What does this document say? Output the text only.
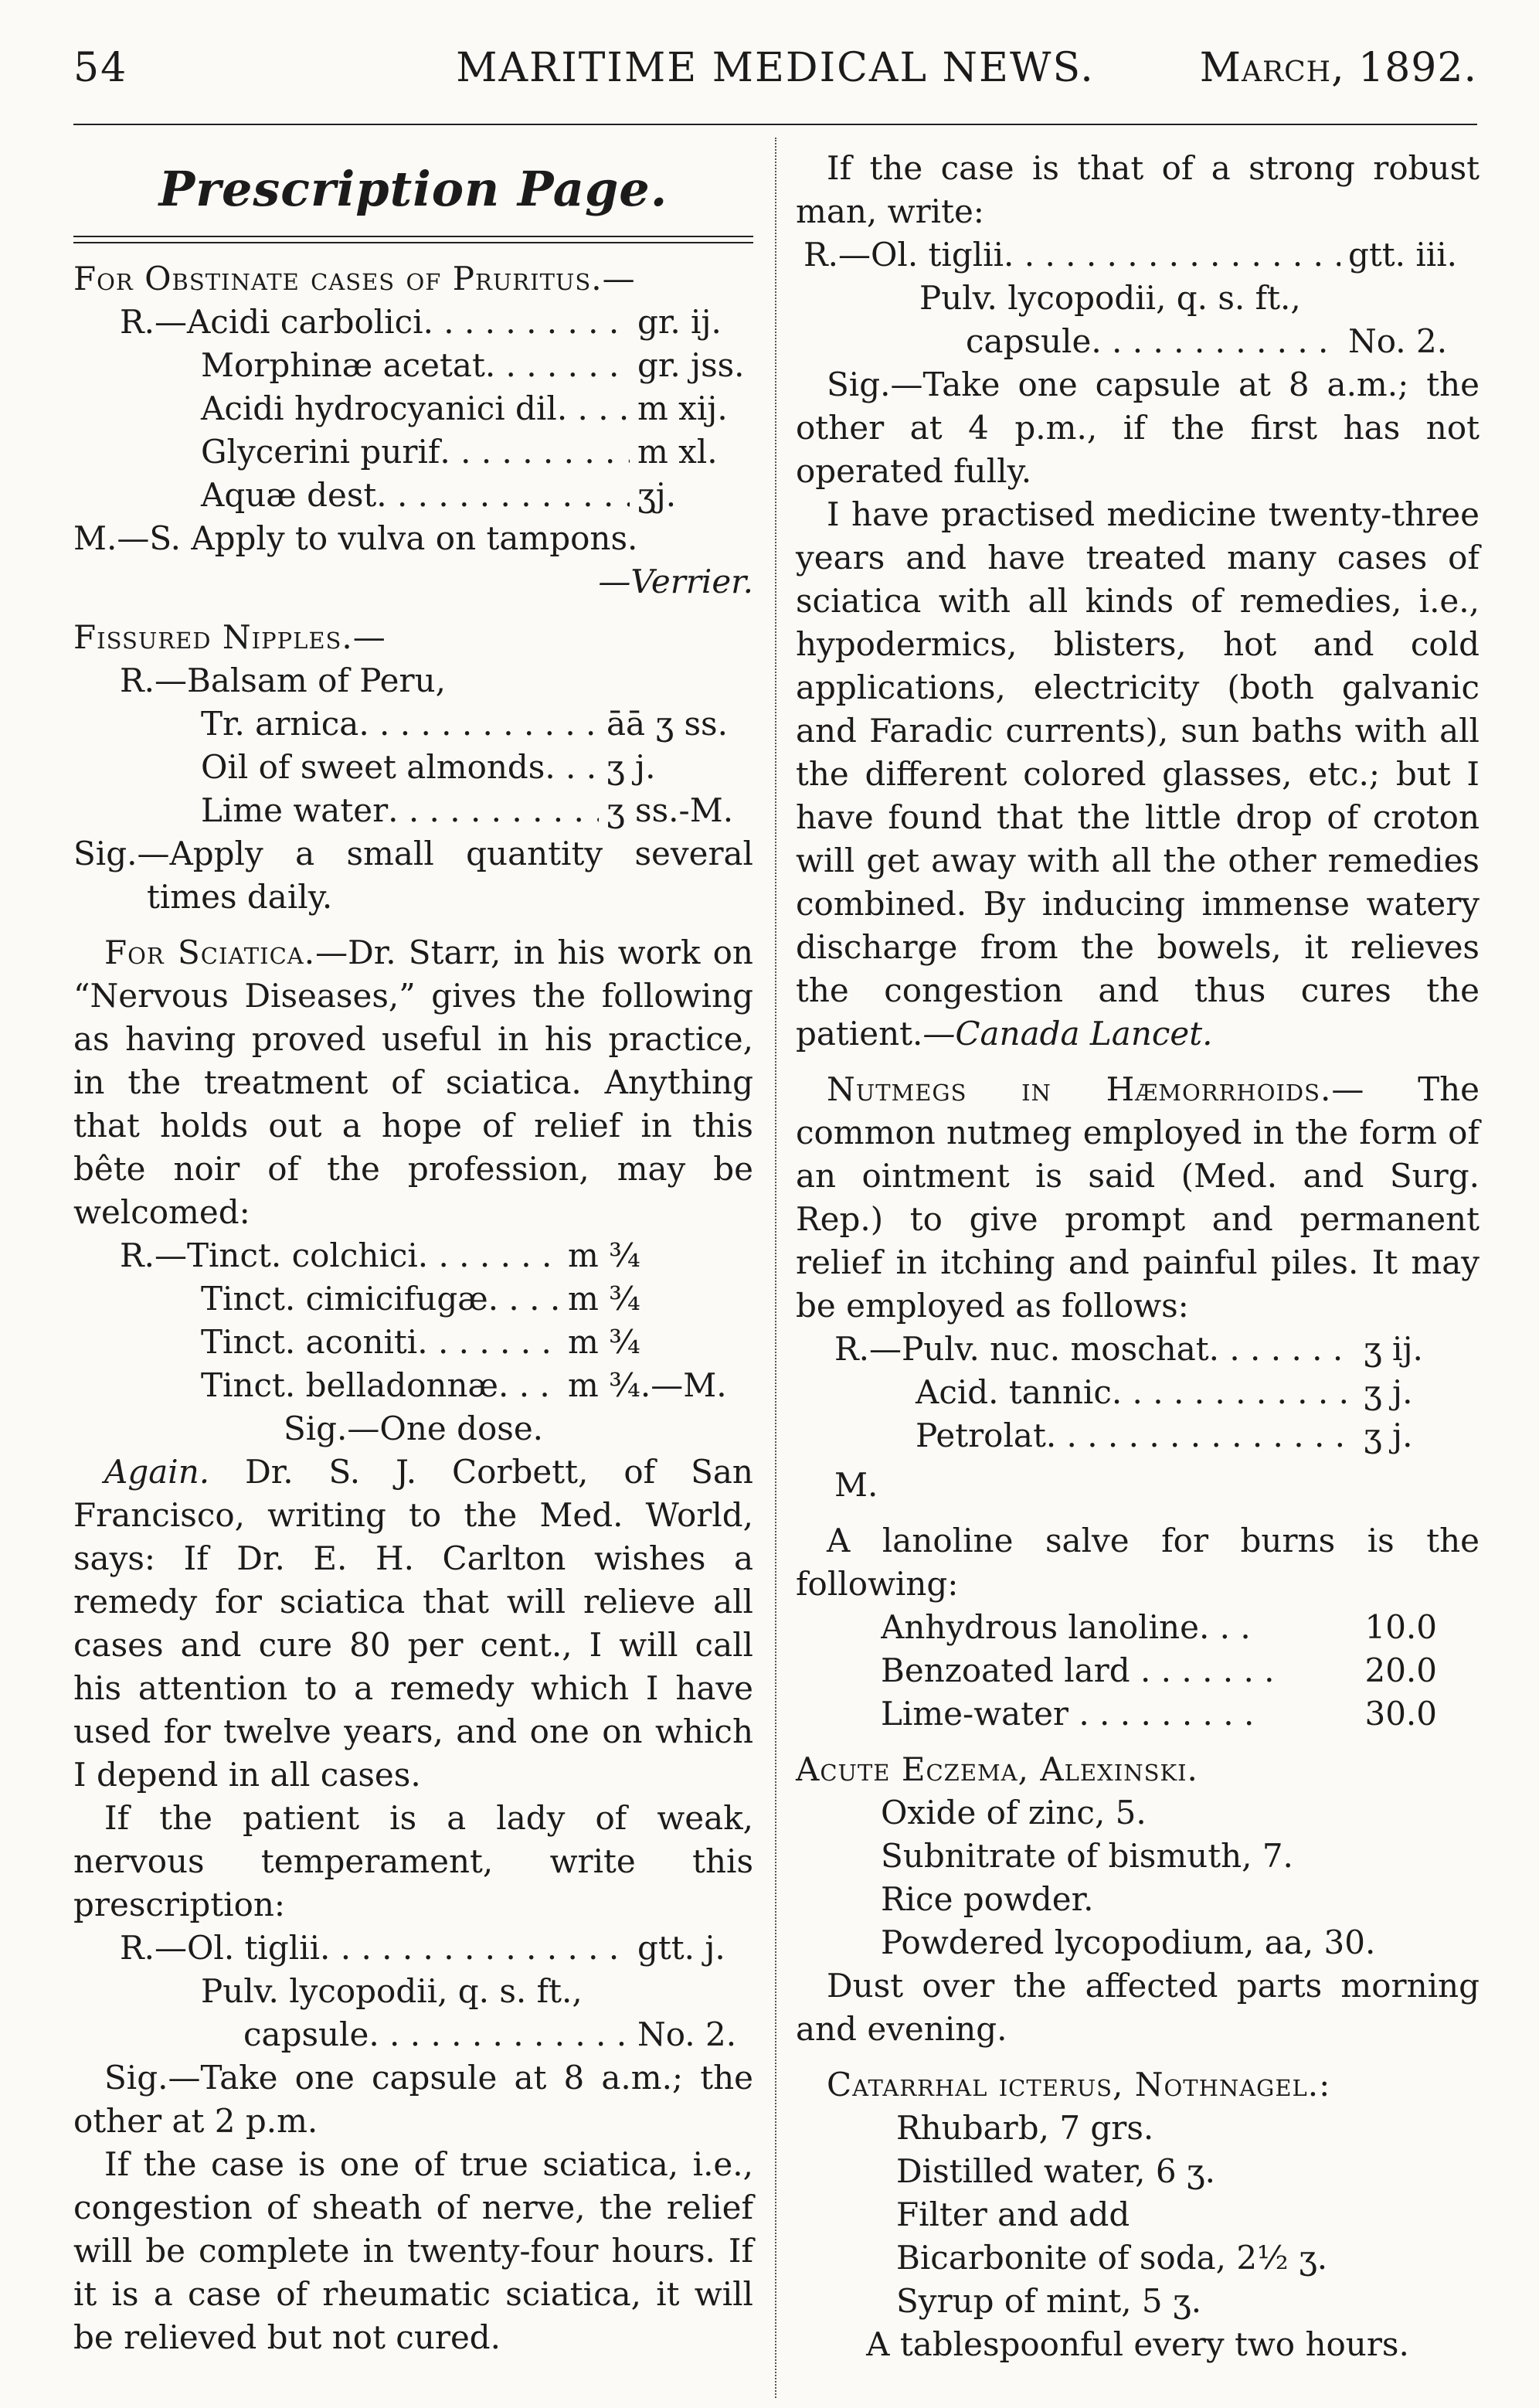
54	MARITIME MEDICAL NEWS.	March, 1892.
Prescription Page.

For Obstinate cases of Pruritus.—

R.—Acidi carbolici . . .	gr. ij.
Morphinæ acetat . . .	gr. jss.
Acidi hydrocyanici dil . . . m xij.
Glycerini purif . . .	m xl.
Aquæ dest . . .	ʒj.

M.—S. Apply to vulva on tampons.

—Verrier.

Fissured Nipples.—

R.—Balsam of Peru,

Tr. arnica . . .	āā ʒ ss.
Oil of sweet almonds . . . ʒ j.
Lime water . . .	ʒ ss.-M.

Sig.—Apply a small quantity several times daily.

For Sciatica.—Dr. Starr, in his work on “Nervous Diseases,” gives the following as having proved useful in his practice, in the treatment of sciatica. Anything that holds out a hope of relief in this bête noir of the profession, may be welcomed:

R.—Tinct. colchici . . .	m ¾
Tinct. cimicifugæ . . . m ¾
Tinct. aconiti . . .	m ¾
Tinct. belladonnæ . . . m ¾.—M.

Sig.—One dose.

Again. Dr. S. J. Corbett, of San Francisco, writing to the Med. World, says: If Dr. E. H. Carlton wishes a remedy for sciatica that will relieve all cases and cure 80 per cent., I will call his attention to a remedy which I have used for twelve years, and one on which I depend in all cases.

If the patient is a lady of weak, nervous temperament, write this prescription:

R.—Ol. tiglii . . .	gtt. j.

Pulv. lycopodii, q. s. ft.,

capsule . . .	No. 2.

Sig.—Take one capsule at 8 a.m.; the other at 2 p.m.

If the case is one of true sciatica, i.e., congestion of sheath of nerve, the relief will be complete in twenty-four hours. If it is a case of rheumatic sciatica, it will be relieved but not cured.

If the case is that of a strong robust man, write:

R.—Ol. tiglii . . .	gtt. iii.

Pulv. lycopodii, q. s. ft.,

capsule . . .	No. 2.

Sig.—Take one capsule at 8 a.m.; the other at 4 p.m., if the first has not operated fully.

I have practised medicine twenty-three years and have treated many cases of sciatica with all kinds of remedies, i.e., hypodermics, blisters, hot and cold applications, electricity (both galvanic and Faradic currents), sun baths with all the different colored glasses, etc.; but I have found that the little drop of croton will get away with all the other remedies combined. By inducing immense watery discharge from the bowels, it relieves the congestion and thus cures the patient.—Canada Lancet.

Nutmegs in Hæmorrhoids.— The common nutmeg employed in the form of an ointment is said (Med. and Surg. Rep.) to give prompt and permanent relief in itching and painful piles. It may be employed as follows:

R.—Pulv. nuc. moschat . . .	ʒ ij.
Acid. tannic . . .	ʒ j.
Petrolat . . .	ʒ j.

M.

A lanoline salve for burns is the following:

Anhydrous lanoline. . .	10.0
Benzoated lard . . . . . . .	20.0
Lime-water . . . . . . . . .	30.0

Acute Eczema, Alexinski.

Oxide of zinc, 5.

Subnitrate of bismuth, 7.

Rice powder.

Powdered lycopodium, aa, 30.

Dust over the affected parts morning and evening.

Catarrhal icterus, Nothnagel.:

Rhubarb, 7 grs.

Distilled water, 6 ʒ.

Filter and add

Bicarbonite of soda, 2½ ʒ.

Syrup of mint, 5 ʒ.

A tablespoonful every two hours.
